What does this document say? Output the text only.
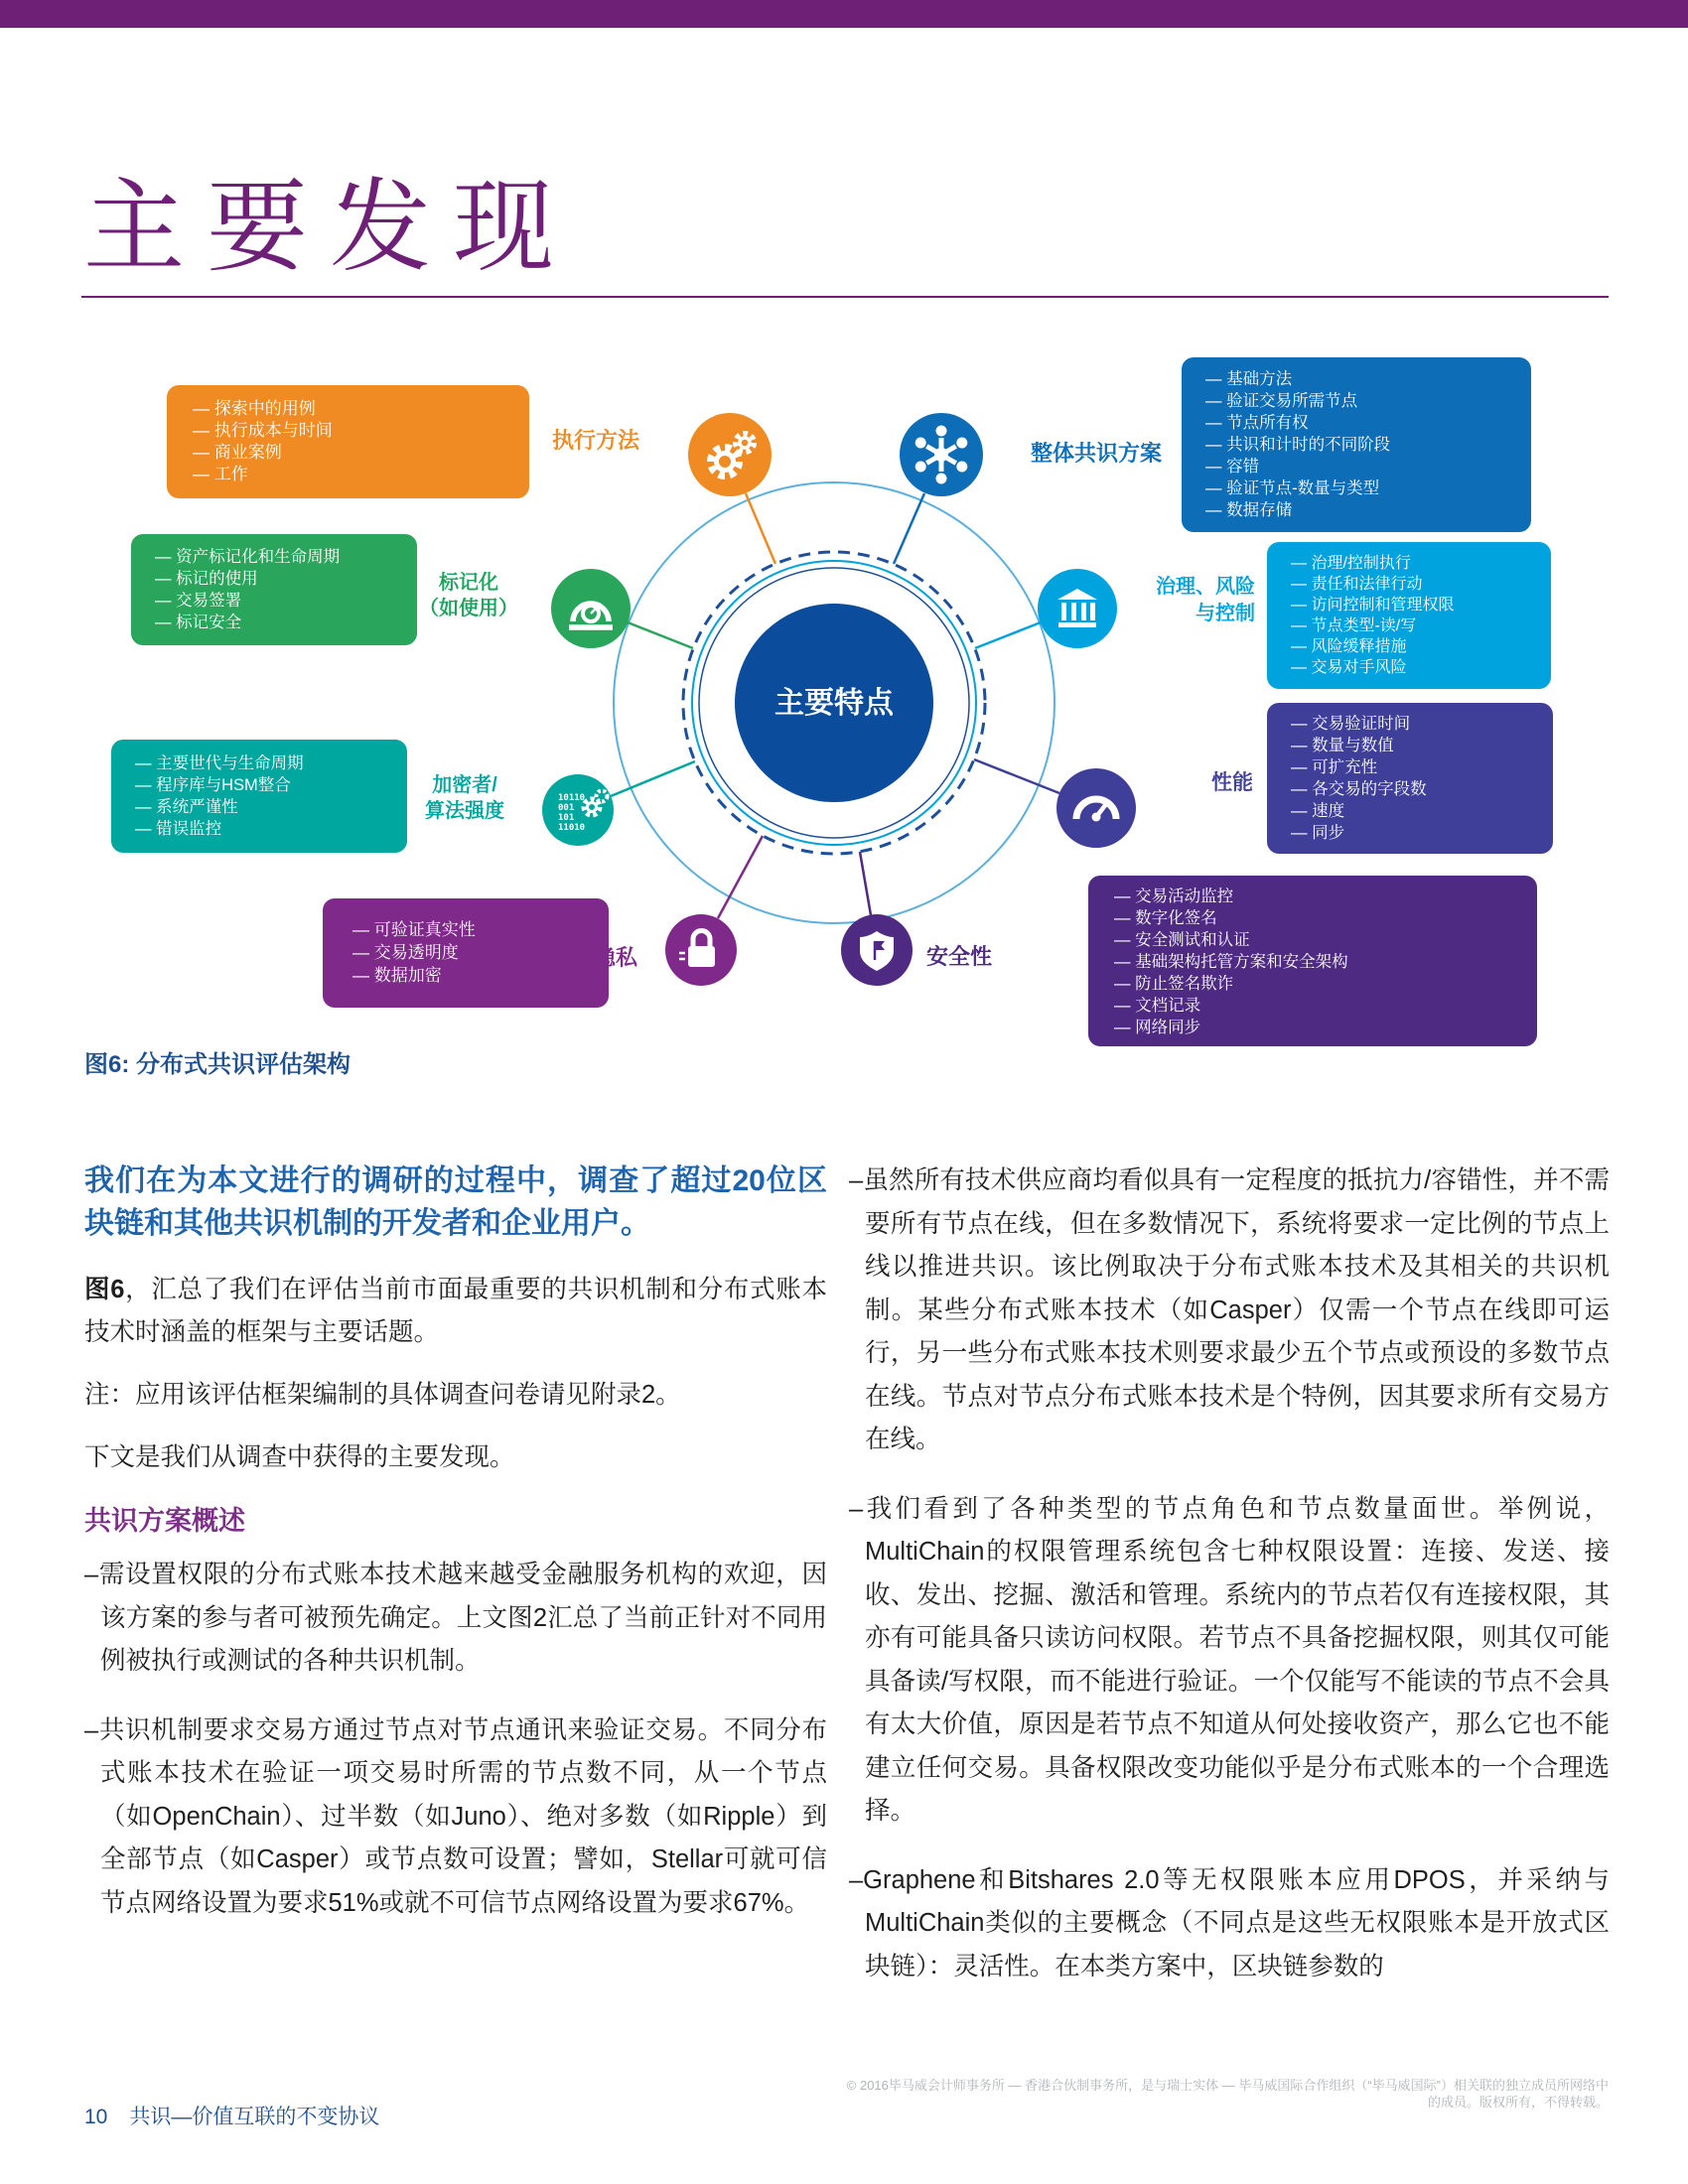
主要发现
主要特点
10110
001
101
11010
— 探索中的用例
— 执行成本与时间
— 商业案例
— 工作
执行方法
— 基础方法
— 验证交易所需节点
— 节点所有权
— 共识和计时的不同阶段
— 容错
— 验证节点-数量与类型
— 数据存储
整体共识方案
— 资产标记化和生命周期
— 标记的使用
— 交易签署
— 标记安全
标记化
（如使用）
— 治理/控制执行
— 责任和法律行动
— 访问控制和管理权限
— 节点类型-读/写
— 风险缓释措施
— 交易对手风险
治理、风险
与控制
— 主要世代与生命周期
— 程序库与HSM整合
— 系统严谨性
— 错误监控
加密者/
算法强度
— 交易验证时间
— 数量与数值
— 可扩充性
— 各交易的字段数
— 速度
— 同步
性能
— 可验证真实性
— 交易透明度
— 数据加密
隐私
— 交易活动监控
— 数字化签名
— 安全测试和认证
— 基础架构托管方案和安全架构
— 防止签名欺诈
— 文档记录
— 网络同步
安全性
图6: 分布式共识评估架构

我们在为本文进行的调研的过程中，调查了超过20位区块链和其他共识机制的开发者和企业用户。

图6，汇总了我们在评估当前市面最重要的共识机制和分布式账本技术时涵盖的框架与主要话题。

注：应用该评估框架编制的具体调查问卷请见附录2。

下文是我们从调查中获得的主要发现。

共识方案概述

–需设置权限的分布式账本技术越来越受金融服务机构的欢迎，因该方案的参与者可被预先确定。上文图2汇总了当前正针对不同用例被执行或测试的各种共识机制。

–共识机制要求交易方通过节点对节点通讯来验证交易。不同分布式账本技术在验证一项交易时所需的节点数不同，从一个节点（如OpenChain）、过半数（如Juno）、绝对多数（如Ripple）到全部节点（如Casper）或节点数可设置；譬如，Stellar可就可信节点网络设置为要求51%或就不可信节点网络设置为要求67%。

–虽然所有技术供应商均看似具有一定程度的抵抗力/容错性，并不需要所有节点在线，但在多数情况下，系统将要求一定比例的节点上线以推进共识。该比例取决于分布式账本技术及其相关的共识机制。某些分布式账本技术（如Casper）仅需一个节点在线即可运行，另一些分布式账本技术则要求最少五个节点或预设的多数节点在线。节点对节点分布式账本技术是个特例，因其要求所有交易方在线。

–我们看到了各种类型的节点角色和节点数量面世。举例说，MultiChain的权限管理系统包含七种权限设置：连接、发送、接收、发出、挖掘、激活和管理。系统内的节点若仅有连接权限，其亦有可能具备只读访问权限。若节点不具备挖掘权限，则其仅可能具备读/写权限，而不能进行验证。一个仅能写不能读的节点不会具有太大价值，原因是若节点不知道从何处接收资产，那么它也不能建立任何交易。具备权限改变功能似乎是分布式账本的一个合理选择。

–Graphene和Bitshares 2.0等无权限账本应用DPOS，并采纳与MultiChain类似的主要概念（不同点是这些无权限账本是开放式区块链）：灵活性。在本类方案中，区块链参数的

10 共识—价值互联的不变协议
© 2016毕马威会计师事务所 — 香港合伙制事务所，是与瑞士实体 — 毕马威国际合作组织（“毕马威国际”）相关联的独立成员所网络中的成员。版权所有，不得转载。
